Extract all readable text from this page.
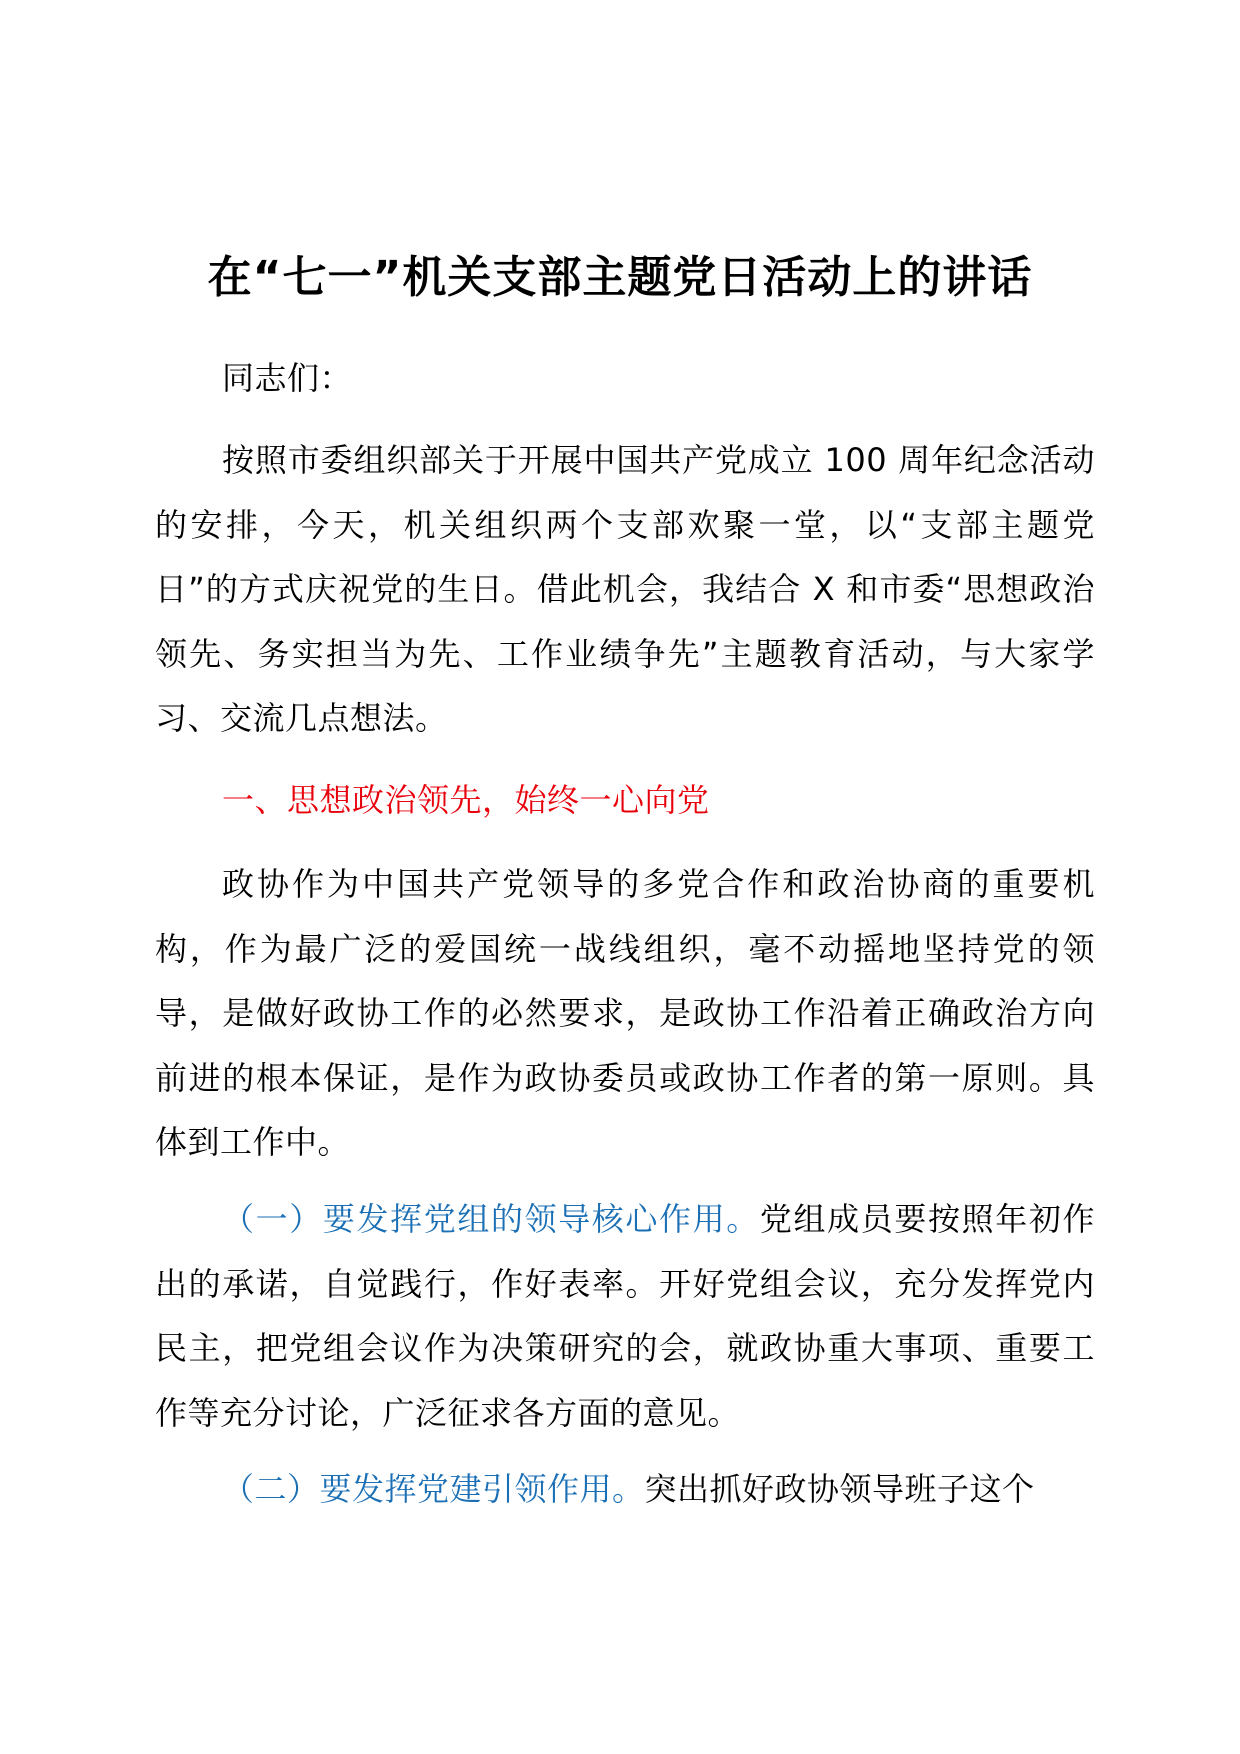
在“七一”机关支部主题党日活动上的讲话

同志们：

按照市委组织部关于开展中国共产党成立 100 周年纪念活动的安排，今天，机关组织两个支部欢聚一堂，以“支部主题党日”的方式庆祝党的生日。借此机会，我结合 X 和市委“思想政治领先、务实担当为先、工作业绩争先”主题教育活动，与大家学习、交流几点想法。

一、思想政治领先，始终一心向党

政协作为中国共产党领导的多党合作和政治协商的重要机构，作为最广泛的爱国统一战线组织，毫不动摇地坚持党的领导，是做好政协工作的必然要求，是政协工作沿着正确政治方向前进的根本保证，是作为政协委员或政协工作者的第一原则。具体到工作中。

（一）要发挥党组的领导核心作用。党组成员要按照年初作出的承诺，自觉践行，作好表率。开好党组会议，充分发挥党内民主，把党组会议作为决策研究的会，就政协重大事项、重要工作等充分讨论，广泛征求各方面的意见。

（二）要发挥党建引领作用。突出抓好政协领导班子这个
